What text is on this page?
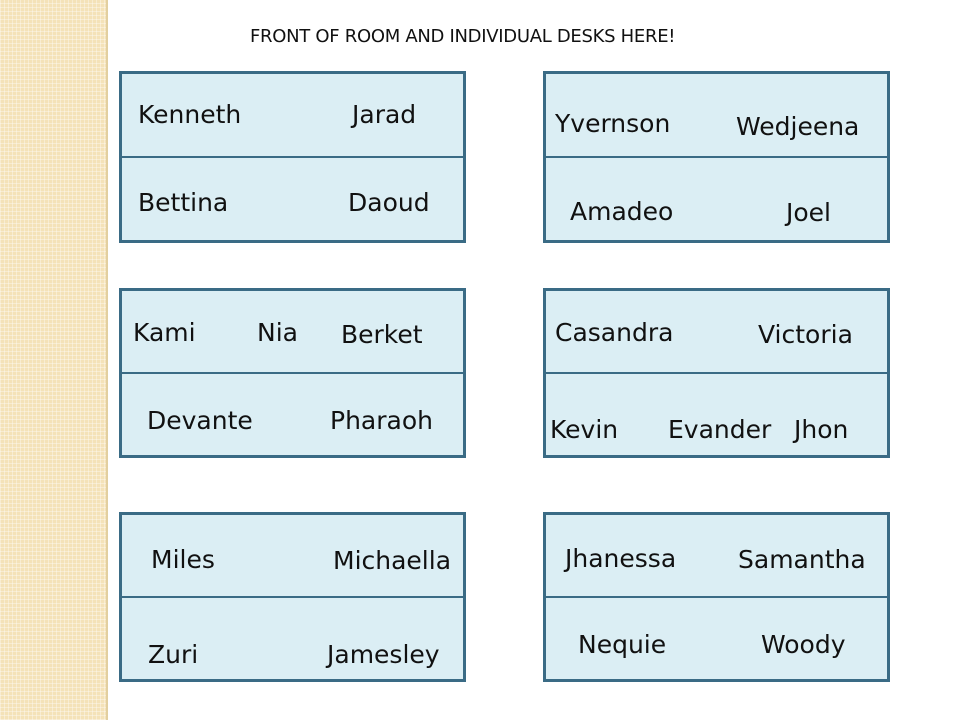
FRONT OF ROOM AND INDIVIDUAL DESKS HERE!
Kenneth	Jarad
Bettina	Daoud
Yvernson	Wedjeena
Amadeo	Joel
Kami Nia Berket
Devante	Pharaoh
Casandra	Victoria
Kevin Evander Jhon
Miles	Michaella
Zuri	Jamesley
Jhanessa Samantha
Nequie	Woody
